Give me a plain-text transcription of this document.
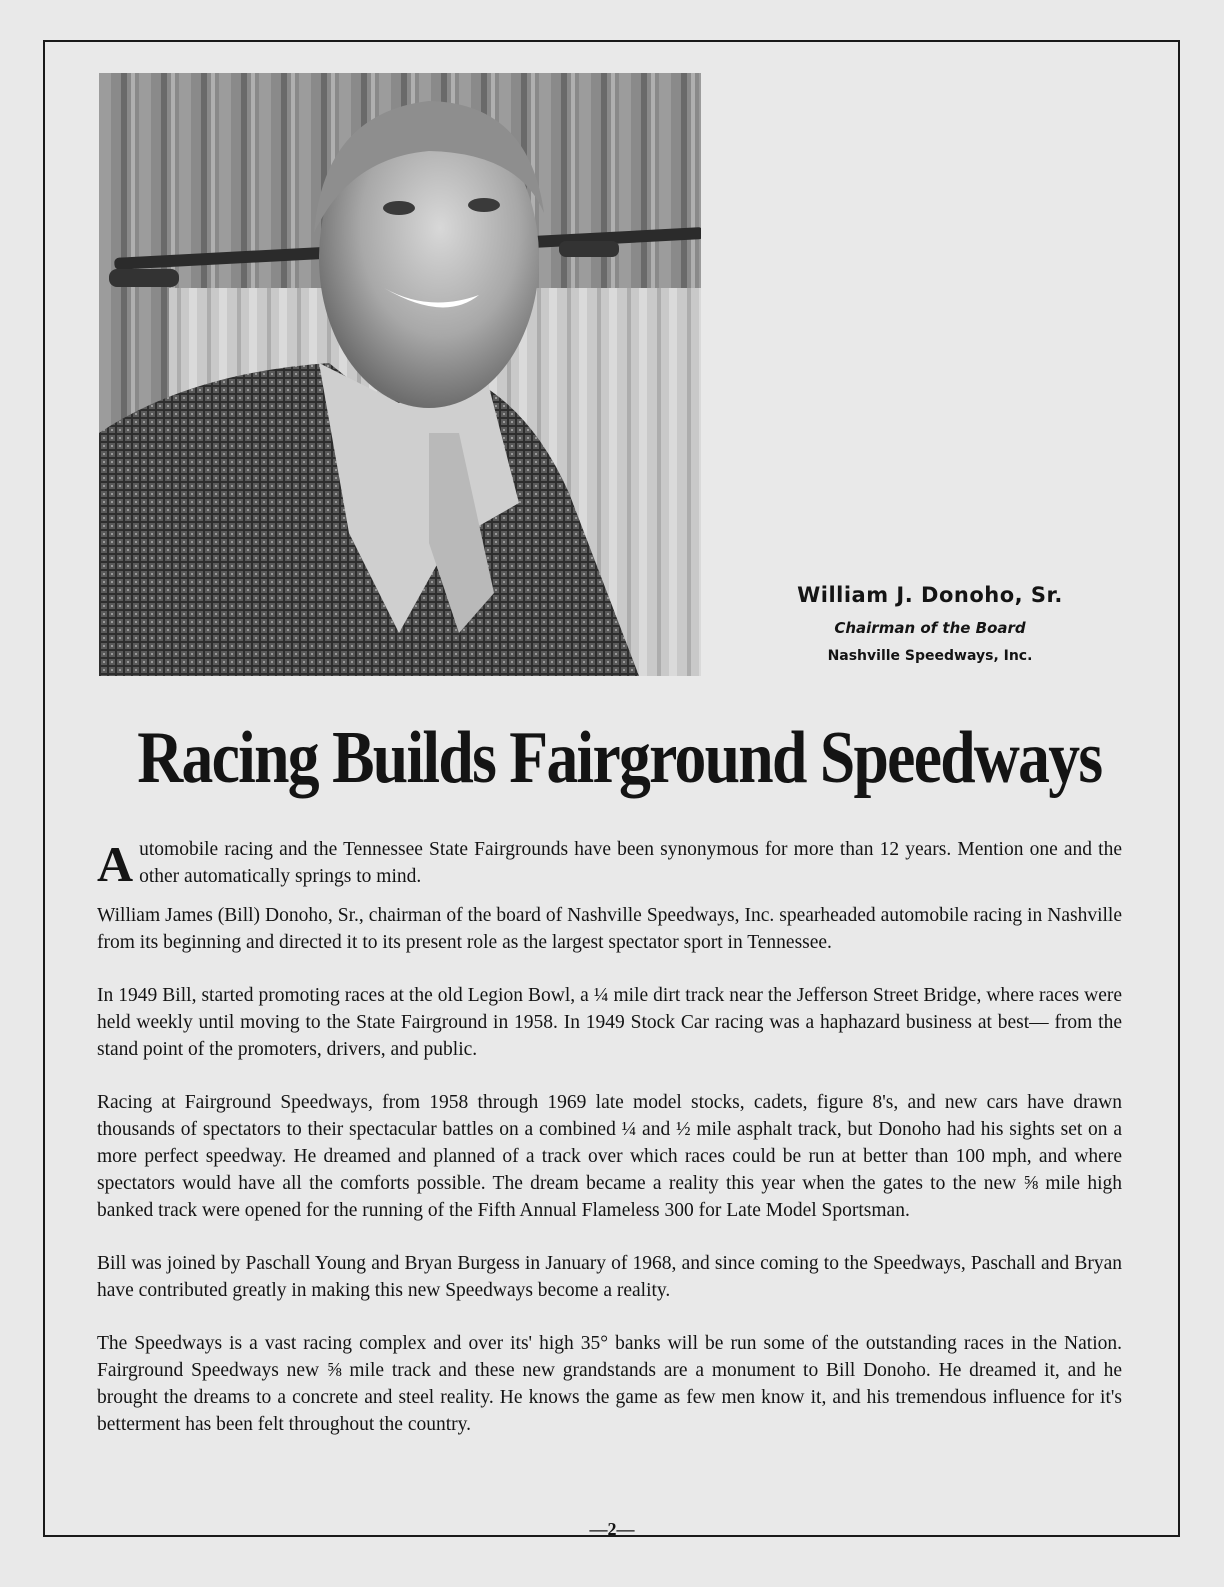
William J. Donoho, Sr.

Chairman of the Board

Nashville Speedways, Inc.

Racing Builds Fairground Speedways

Automobile racing and the Tennessee State Fairgrounds have been synonymous for more than 12 years. Mention one and the other automatically springs to mind.

William James (Bill) Donoho, Sr., chairman of the board of Nashville Speedways, Inc. spearheaded automobile racing in Nashville from its beginning and directed it to its present role as the largest spectator sport in Tennessee.

In 1949 Bill, started promoting races at the old Legion Bowl, a ¼ mile dirt track near the Jefferson Street Bridge, where races were held weekly until moving to the State Fairground in 1958. In 1949 Stock Car racing was a haphazard business at best— from the stand point of the promoters, drivers, and public.

Racing at Fairground Speedways, from 1958 through 1969 late model stocks, cadets, figure 8's, and new cars have drawn thousands of spectators to their spectacular battles on a combined ¼ and ½ mile asphalt track, but Donoho had his sights set on a more perfect speedway. He dreamed and planned of a track over which races could be run at better than 100 mph, and where spectators would have all the comforts possible. The dream became a reality this year when the gates to the new ⅝ mile high banked track were opened for the running of the Fifth Annual Flameless 300 for Late Model Sportsman.

Bill was joined by Paschall Young and Bryan Burgess in January of 1968, and since coming to the Speedways, Paschall and Bryan have contributed greatly in making this new Speedways become a reality.

The Speedways is a vast racing complex and over its' high 35° banks will be run some of the outstanding races in the Nation. Fairground Speedways new ⅝ mile track and these new grandstands are a monument to Bill Donoho. He dreamed it, and he brought the dreams to a concrete and steel reality. He knows the game as few men know it, and his tremendous influence for it's betterment has been felt throughout the country.

—2—
